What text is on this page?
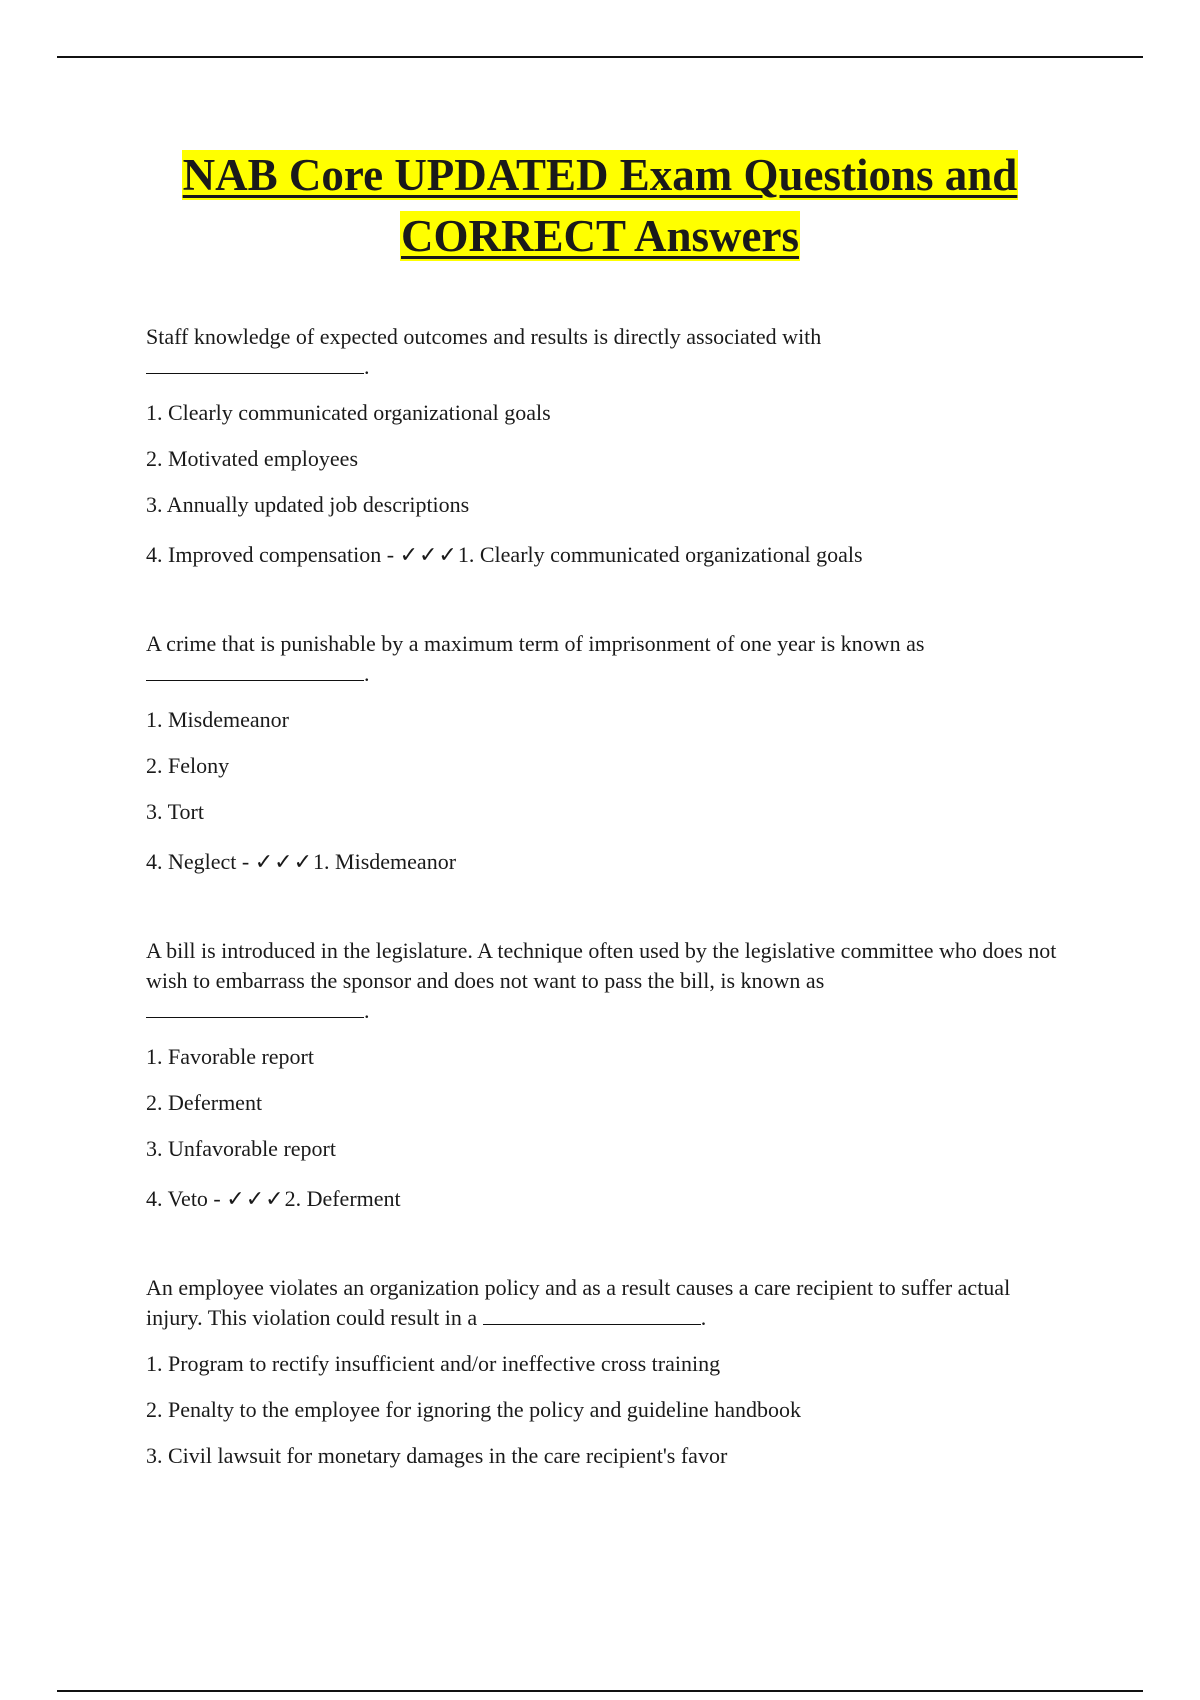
NAB Core UPDATED Exam Questions and
CORRECT Answers
Staff knowledge of expected outcomes and results is directly associated with
.
1. Clearly communicated organizational goals
2. Motivated employees
3. Annually updated job descriptions
4. Improved compensation - ✓✓✓1. Clearly communicated organizational goals
A crime that is punishable by a maximum term of imprisonment of one year is known as
.
1. Misdemeanor
2. Felony
3. Tort
4. Neglect - ✓✓✓1. Misdemeanor
A bill is introduced in the legislature. A technique often used by the legislative committee who does not wish to embarrass the sponsor and does not want to pass the bill, is known as
.
1. Favorable report
2. Deferment
3. Unfavorable report
4. Veto - ✓✓✓2. Deferment
An employee violates an organization policy and as a result causes a care recipient to suffer actual injury. This violation could result in a	.
1. Program to rectify insufficient and/or ineffective cross training
2. Penalty to the employee for ignoring the policy and guideline handbook
3. Civil lawsuit for monetary damages in the care recipient's favor
